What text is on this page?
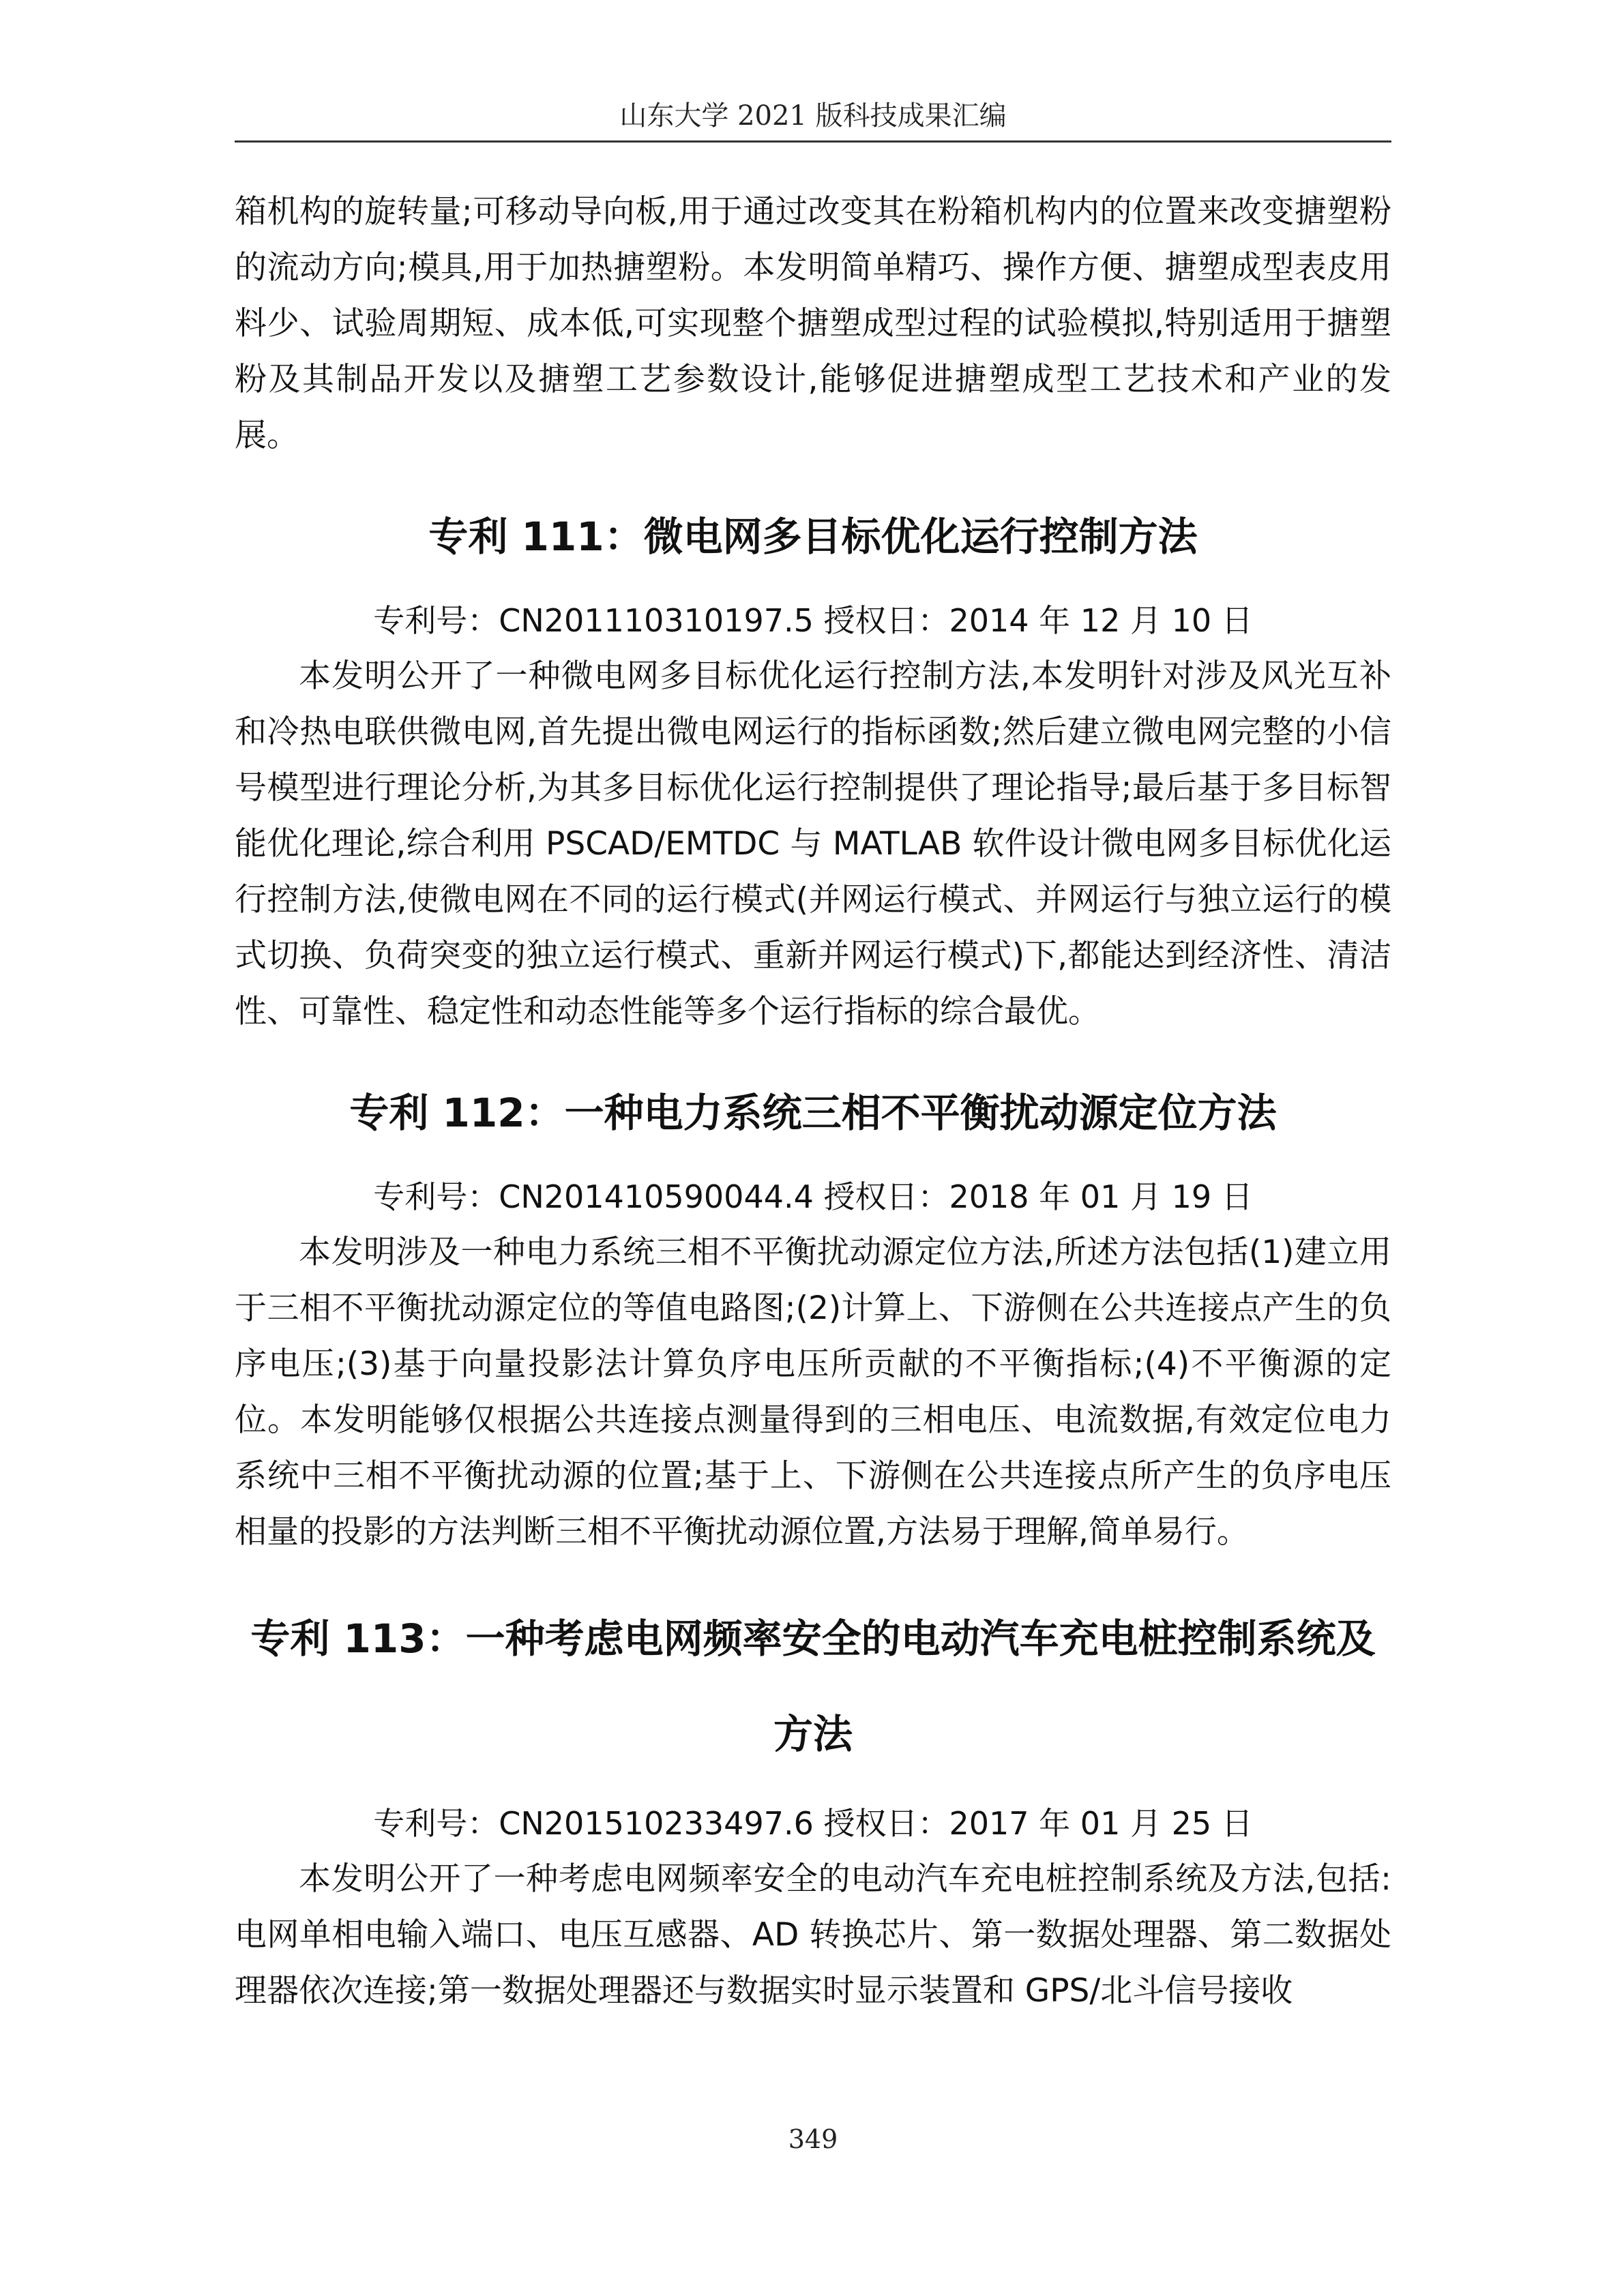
山东大学 2021 版科技成果汇编

箱机构的旋转量;可移动导向板,用于通过改变其在粉箱机构内的位置来改变搪塑粉的流动方向;模具,用于加热搪塑粉。本发明简单精巧、操作方便、搪塑成型表皮用料少、试验周期短、成本低,可实现整个搪塑成型过程的试验模拟,特别适用于搪塑粉及其制品开发以及搪塑工艺参数设计,能够促进搪塑成型工艺技术和产业的发展。

专利 111：微电网多目标优化运行控制方法

专利号：CN201110310197.5 授权日：2014 年 12 月 10 日

本发明公开了一种微电网多目标优化运行控制方法,本发明针对涉及风光互补和冷热电联供微电网,首先提出微电网运行的指标函数;然后建立微电网完整的小信号模型进行理论分析,为其多目标优化运行控制提供了理论指导;最后基于多目标智能优化理论,综合利用 PSCAD/EMTDC 与 MATLAB 软件设计微电网多目标优化运行控制方法,使微电网在不同的运行模式(并网运行模式、并网运行与独立运行的模式切换、负荷突变的独立运行模式、重新并网运行模式)下,都能达到经济性、清洁性、可靠性、稳定性和动态性能等多个运行指标的综合最优。

专利 112：一种电力系统三相不平衡扰动源定位方法

专利号：CN201410590044.4 授权日：2018 年 01 月 19 日

本发明涉及一种电力系统三相不平衡扰动源定位方法,所述方法包括(1)建立用于三相不平衡扰动源定位的等值电路图;(2)计算上、下游侧在公共连接点产生的负序电压;(3)基于向量投影法计算负序电压所贡献的不平衡指标;(4)不平衡源的定位。本发明能够仅根据公共连接点测量得到的三相电压、电流数据,有效定位电力系统中三相不平衡扰动源的位置;基于上、下游侧在公共连接点所产生的负序电压相量的投影的方法判断三相不平衡扰动源位置,方法易于理解,简单易行。

专利 113：一种考虑电网频率安全的电动汽车充电桩控制系统及方法

专利号：CN201510233497.6 授权日：2017 年 01 月 25 日

本发明公开了一种考虑电网频率安全的电动汽车充电桩控制系统及方法,包括:电网单相电输入端口、电压互感器、AD 转换芯片、第一数据处理器、第二数据处理器依次连接;第一数据处理器还与数据实时显示装置和 GPS/北斗信号接收

349
